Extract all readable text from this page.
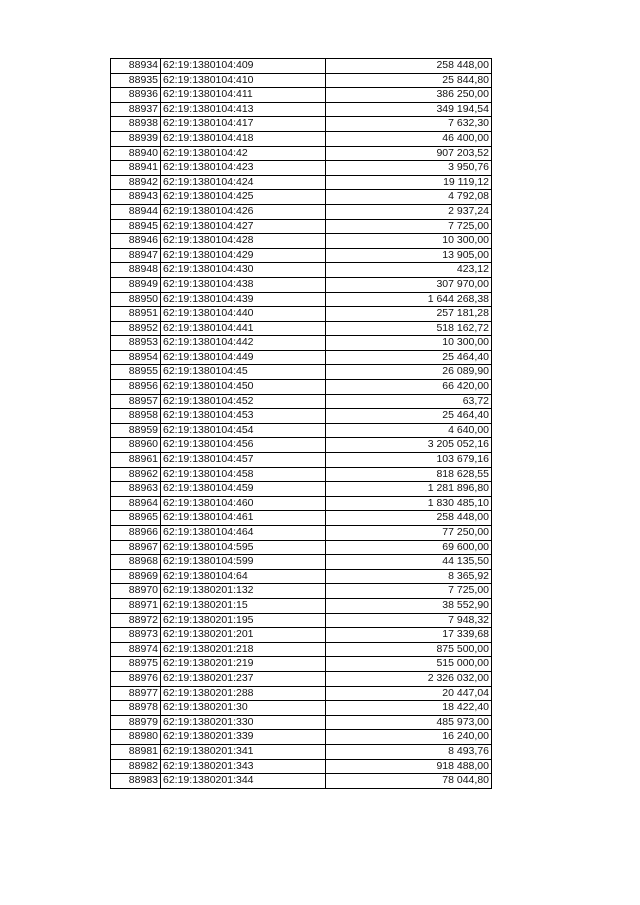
88934	62:19:1380104:409	258 448,00
88935	62:19:1380104:410	25 844,80
88936	62:19:1380104:411	386 250,00
88937	62:19:1380104:413	349 194,54
88938	62:19:1380104:417	7 632,30
88939	62:19:1380104:418	46 400,00
88940	62:19:1380104:42	907 203,52
88941	62:19:1380104:423	3 950,76
88942	62:19:1380104:424	19 119,12
88943	62:19:1380104:425	4 792,08
88944	62:19:1380104:426	2 937,24
88945	62:19:1380104:427	7 725,00
88946	62:19:1380104:428	10 300,00
88947	62:19:1380104:429	13 905,00
88948	62:19:1380104:430	423,12
88949	62:19:1380104:438	307 970,00
88950	62:19:1380104:439	1 644 268,38
88951	62:19:1380104:440	257 181,28
88952	62:19:1380104:441	518 162,72
88953	62:19:1380104:442	10 300,00
88954	62:19:1380104:449	25 464,40
88955	62:19:1380104:45	26 089,90
88956	62:19:1380104:450	66 420,00
88957	62:19:1380104:452	63,72
88958	62:19:1380104:453	25 464,40
88959	62:19:1380104:454	4 640,00
88960	62:19:1380104:456	3 205 052,16
88961	62:19:1380104:457	103 679,16
88962	62:19:1380104:458	818 628,55
88963	62:19:1380104:459	1 281 896,80
88964	62:19:1380104:460	1 830 485,10
88965	62:19:1380104:461	258 448,00
88966	62:19:1380104:464	77 250,00
88967	62:19:1380104:595	69 600,00
88968	62:19:1380104:599	44 135,50
88969	62:19:1380104:64	8 365,92
88970	62:19:1380201:132	7 725,00
88971	62:19:1380201:15	38 552,90
88972	62:19:1380201:195	7 948,32
88973	62:19:1380201:201	17 339,68
88974	62:19:1380201:218	875 500,00
88975	62:19:1380201:219	515 000,00
88976	62:19:1380201:237	2 326 032,00
88977	62:19:1380201:288	20 447,04
88978	62:19:1380201:30	18 422,40
88979	62:19:1380201:330	485 973,00
88980	62:19:1380201:339	16 240,00
88981	62:19:1380201:341	8 493,76
88982	62:19:1380201:343	918 488,00
88983	62:19:1380201:344	78 044,80
